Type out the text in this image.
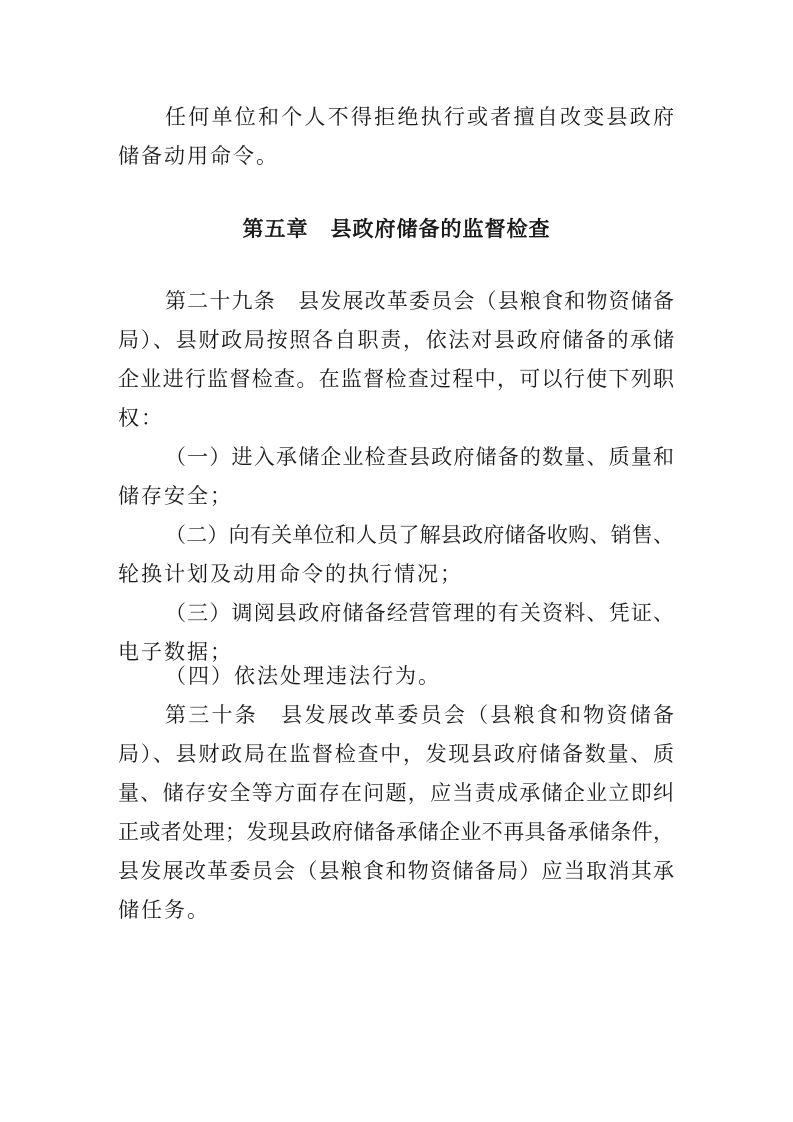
任何单位和个人不得拒绝执行或者擅自改变县政府
储备动用命令。
第五章　县政府储备的监督检查
第二十九条　县发展改革委员会（县粮食和物资储备
局）、县财政局按照各自职责，依法对县政府储备的承储
企业进行监督检查。在监督检查过程中，可以行使下列职
权：
（一）进入承储企业检查县政府储备的数量、质量和
储存安全；
（二）向有关单位和人员了解县政府储备收购、销售、
轮换计划及动用命令的执行情况；
（三）调阅县政府储备经营管理的有关资料、凭证、
电子数据；
（四）依法处理违法行为。
第三十条　县发展改革委员会（县粮食和物资储备
局）、县财政局在监督检查中，发现县政府储备数量、质
量、储存安全等方面存在问题，应当责成承储企业立即纠
正或者处理；发现县政府储备承储企业不再具备承储条件，
县发展改革委员会（县粮食和物资储备局）应当取消其承
储任务。
